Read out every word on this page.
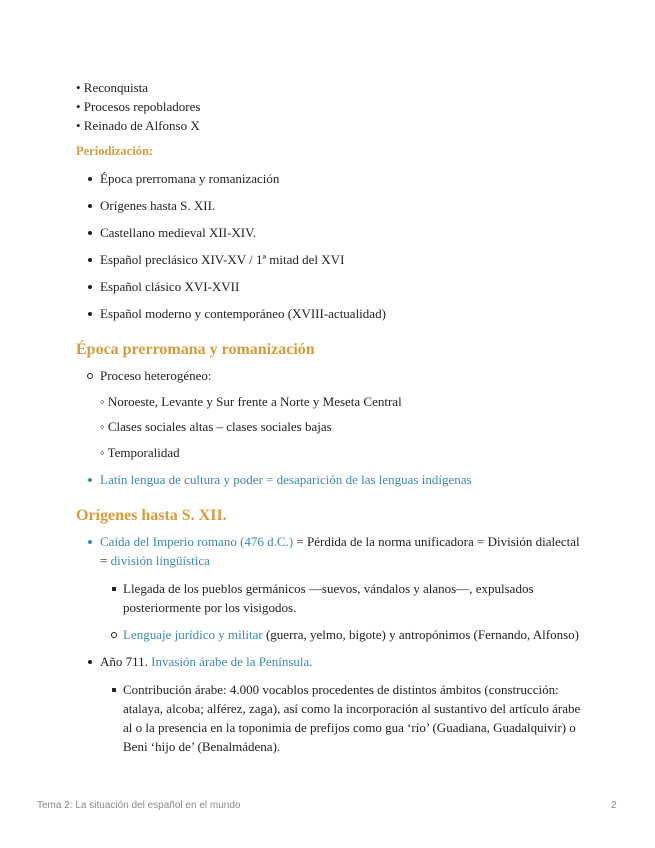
• Reconquista
• Procesos repobladores
• Reinado de Alfonso X
Periodización:
Época prerromana y romanización
Orígenes hasta S. XII.
Castellano medieval XII-XIV.
Español preclásico XIV-XV / 1ª mitad del XVI
Español clásico XVI-XVII
Español moderno y contemporáneo (XVIII-actualidad)
Época prerromana y romanización
Proceso heterogéneo:
◦ Noroeste, Levante y Sur frente a Norte y Meseta Central
◦ Clases sociales altas – clases sociales bajas
◦ Temporalidad
Latín lengua de cultura y poder = desaparición de las lenguas indígenas
Orígenes hasta S. XII.
Caída del Imperio romano (476 d.C.) = Pérdida de la norma unificadora = División dialectal
= división lingüística
Llegada de los pueblos germánicos —suevos, vándalos y alanos—, expulsados
posteriormente por los visigodos.
Lenguaje jurídico y militar (guerra, yelmo, bigote) y antropónimos (Fernando, Alfonso)
Año 711. Invasión árabe de la Península.
Contribución árabe: 4.000 vocablos procedentes de distintos ámbitos (construcción:
atalaya, alcoba; alférez, zaga), así como la incorporación al sustantivo del artículo árabe
al o la presencia en la toponimia de prefijos como gua ‘río’ (Guadiana, Guadalquivir) o
Beni ‘hijo de’ (Benalmádena).
Tema 2: La situación del español en el mundo	2
